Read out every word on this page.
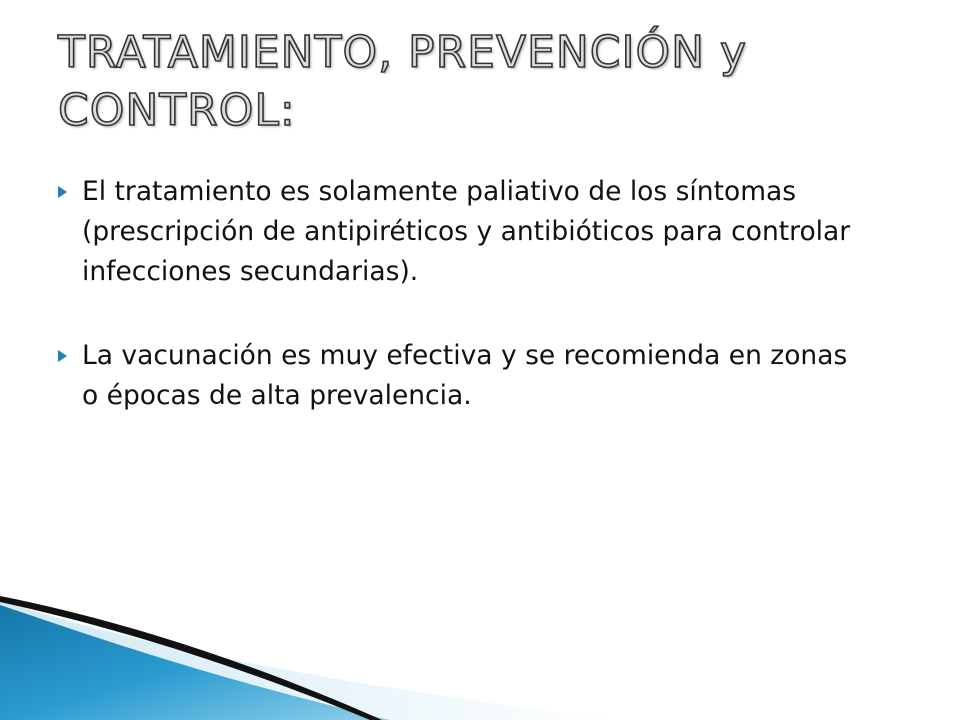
TRATAMIENTO, PREVENCIÓN y
CONTROL:
El tratamiento es solamente paliativo de los síntomas (prescripción de antipiréticos y antibióticos para controlar infecciones secundarias).
La vacunación es muy efectiva y se recomienda en zonas o épocas de alta prevalencia.
